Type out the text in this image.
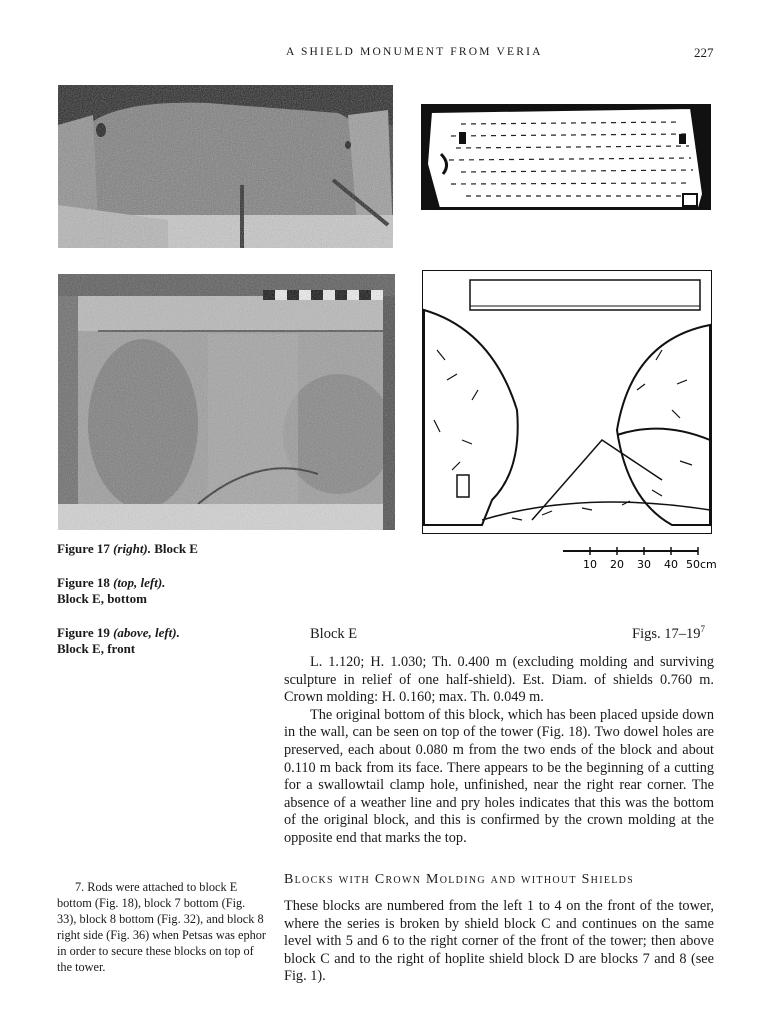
A SHIELD MONUMENT FROM VERIA	227
10 20 30 40 50cm
Figure 17 (right). Block E
Figure 18 (top, left).
Block E, bottom
Figure 19 (above, left).
Block E, front
Block E	Figs. $17-19^7$

L. 1.120; H. 1.030; Th. 0.400 m (excluding molding and surviving sculpture in relief of one half-shield). Est. Diam. of shields 0.760 m. Crown molding: H. 0.160; max. Th. 0.049 m.

The original bottom of this block, which has been placed upside down in the wall, can be seen on top of the tower (Fig. 18). Two dowel holes are preserved, each about 0.080 m from the two ends of the block and about 0.110 m back from its face. There appears to be the beginning of a cutting for a swallowtail clamp hole, unfinished, near the right rear corner. The absence of a weather line and pry holes indicates that this was the bottom of the original block, and this is confirmed by the crown molding at the opposite end that marks the top.

Blocks with Crown Molding and without Shields

These blocks are numbered from the left 1 to 4 on the front of the tower, where the series is broken by shield block C and continues on the same level with 5 and 6 to the right corner of the front of the tower; then above block C and to the right of hoplite shield block D are blocks 7 and 8 (see Fig. 1).

7. Rods were attached to block E bottom (Fig. 18), block 7 bottom (Fig. 33), block 8 bottom (Fig. 32), and block 8 right side (Fig. 36) when Petsas was ephor in order to secure these blocks on top of the tower.
